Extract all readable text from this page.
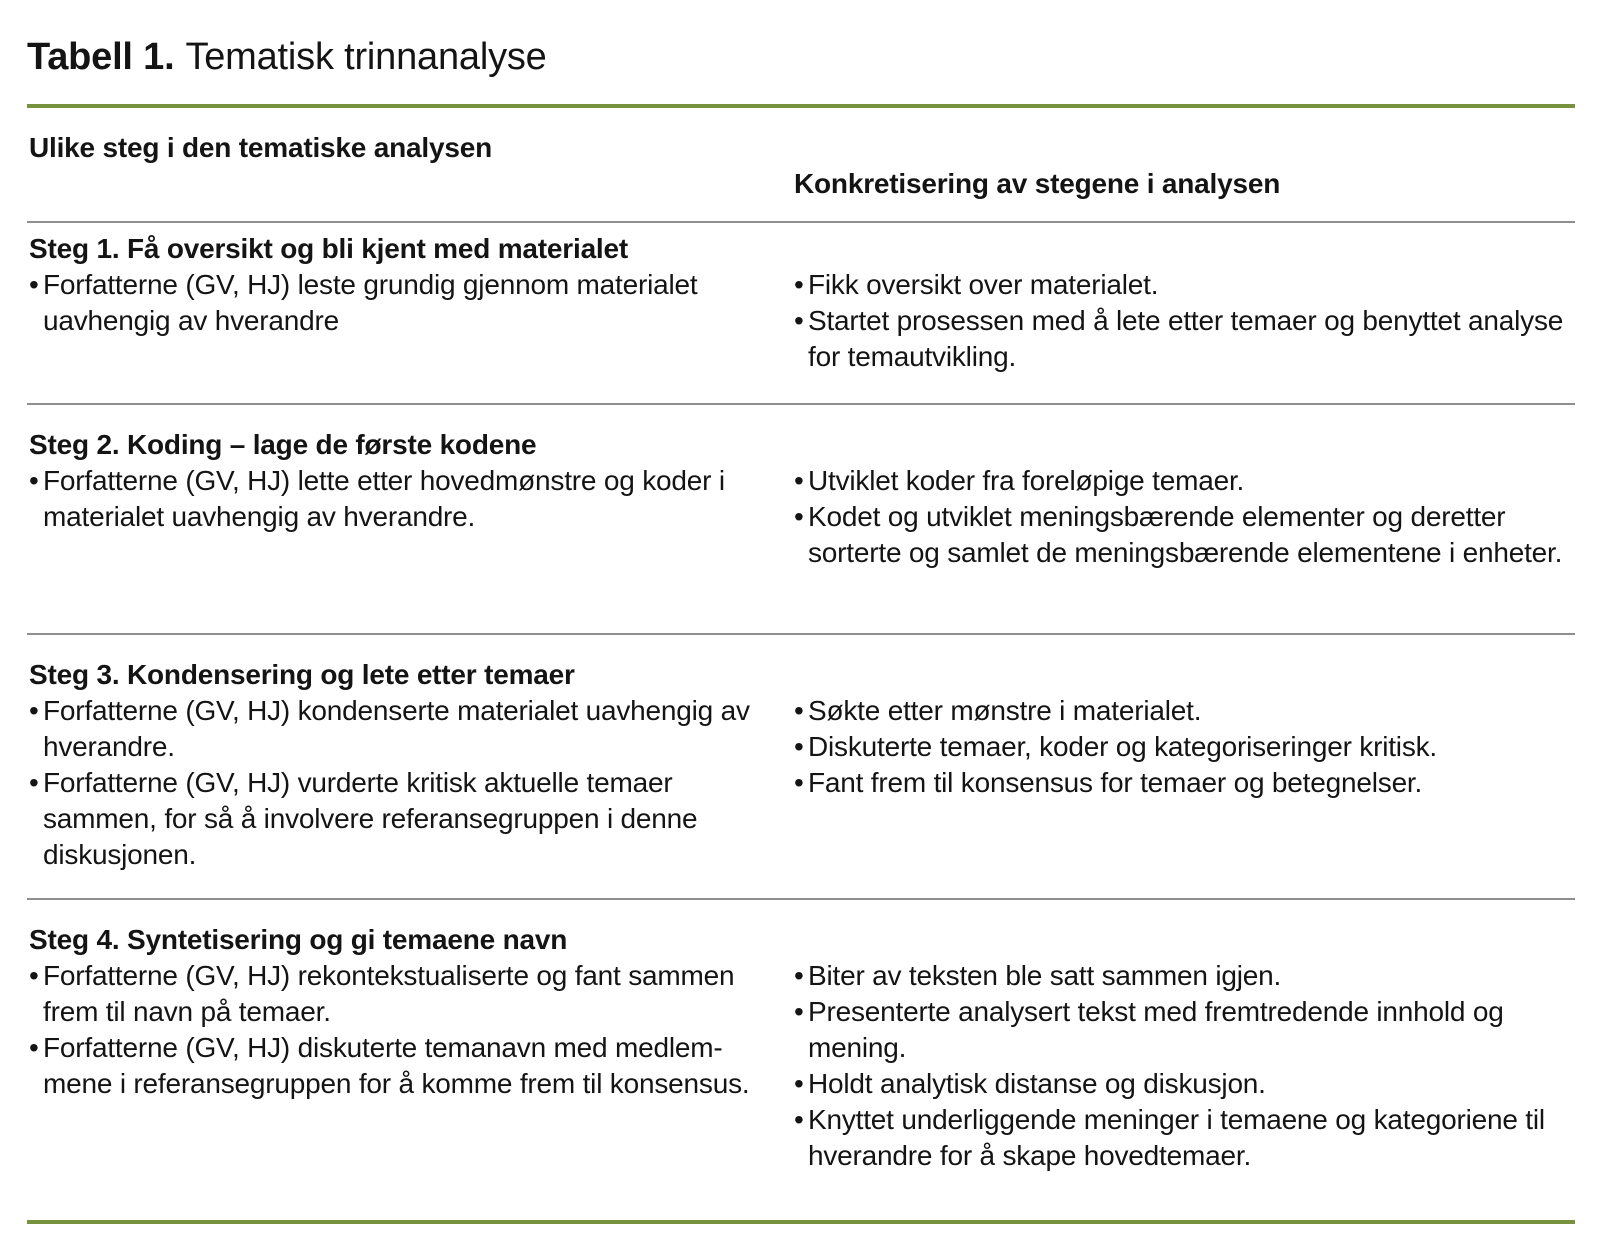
Tabell 1. Tematisk trinnanalyse
Ulike steg i den tematiske analysen
Konkretisering av stegene i analysen
Steg 1. Få oversikt og bli kjent med materialet
• Forfatterne (GV, HJ) leste grundig gjennom materialet uavhengig av hverandre
• Fikk oversikt over materialet.
• Startet prosessen med å lete etter temaer og benyttet analyse for temautvikling.
Steg 2. Koding – lage de første kodene
• Forfatterne (GV, HJ) lette etter hovedmønstre og koder i materialet uavhengig av hverandre.
• Utviklet koder fra foreløpige temaer.
• Kodet og utviklet meningsbærende elementer og deretter sorterte og samlet de meningsbærende elementene i enheter.
Steg 3. Kondensering og lete etter temaer
• Forfatterne (GV, HJ) kondenserte materialet uavhengig av hverandre.
• Forfatterne (GV, HJ) vurderte kritisk aktuelle temaer sammen, for så å involvere referansegruppen i denne diskusjonen.
• Søkte etter mønstre i materialet.
• Diskuterte temaer, koder og kategoriseringer kritisk.
• Fant frem til konsensus for temaer og betegnelser.
Steg 4. Syntetisering og gi temaene navn
• Forfatterne (GV, HJ) rekontekstualiserte og fant sammen frem til navn på temaer.
• Forfatterne (GV, HJ) diskuterte temanavn med medlem-mene i referansegruppen for å komme frem til konsensus.
• Biter av teksten ble satt sammen igjen.
• Presenterte analysert tekst med fremtredende innhold og mening.
• Holdt analytisk distanse og diskusjon.
• Knyttet underliggende meninger i temaene og kategoriene til hverandre for å skape hovedtemaer.
